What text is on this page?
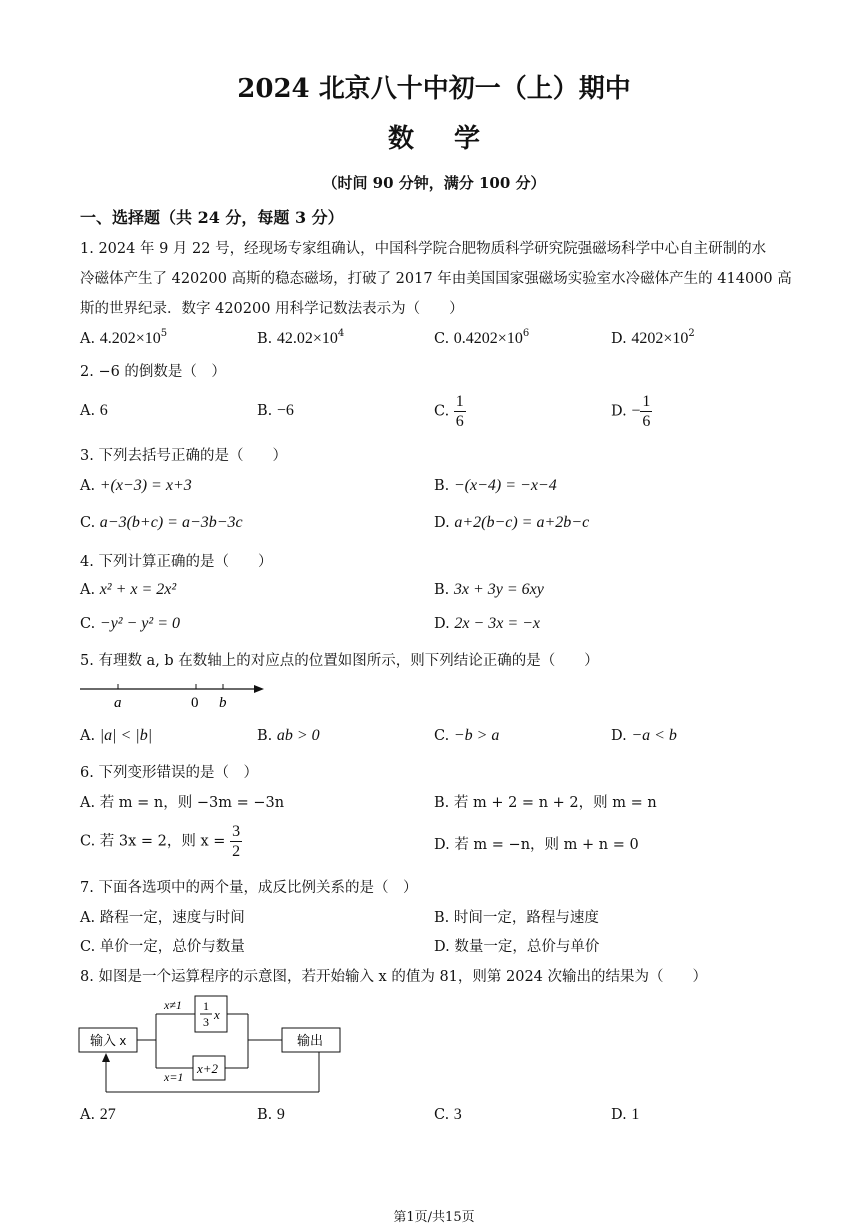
2024 北京八十中初一（上）期中
数学
（时间 90 分钟，满分 100 分）
一、选择题（共 24 分，每题 3 分）
1. 2024 年 9 月 22 号，经现场专家组确认，中国科学院合肥物质科学研究院强磁场科学中心自主研制的水
冷磁体产生了 420200 高斯的稳态磁场，打破了 2017 年由美国国家强磁场实验室水冷磁体产生的 414000 高
斯的世界纪录．数字 420200 用科学记数法表示为（　　）
A. $4.202\times 10^5$	B. $42.02\times 10^4$	C. $0.4202\times 10^6$	D. $4202\times 10^2$
2. −6 的倒数是（　）
A. 6	B. −6	C. $\frac{1}{6}$	D. − $\frac{1}{6}$
3. 下列去括号正确的是（　　）
A. +(x−3) = x+3	B. −(x−4) = −x−4
C. a−3(b+c) = a−3b−3c	D. a+2(b−c) = a+2b−c
4. 下列计算正确的是（　　）
A. x² + x = 2x²	B. 3x + 3y = 6xy
C. −y² − y² = 0	D. 2x − 3x = −x
5. 有理数 a, b 在数轴上的对应点的位置如图所示，则下列结论正确的是（　　）
a	0 b
A. |a| < |b|	B. ab > 0	C. −b > a	D. −a < b
6. 下列变形错误的是（　）
A. 若 m = n，则 −3m = −3n	B. 若 m + 2 = n + 2，则 m = n
C. 若 3x = 2，则 $x = \frac{3}{2}$	D. 若 m = −n，则 m + n = 0
7. 下面各选项中的两个量，成反比例关系的是（　）
A. 路程一定，速度与时间	B. 时间一定，路程与速度
C. 单价一定，总价与数量	D. 数量一定，总价与单价
8. 如图是一个运算程序的示意图，若开始输入 x 的值为 81，则第 2024 次输出的结果为（　　）
输入 x
x≠1
x=1
1
3 x
x+2
输出
A. 27	B. 9	C. 3	D. 1
第1页/共15页
